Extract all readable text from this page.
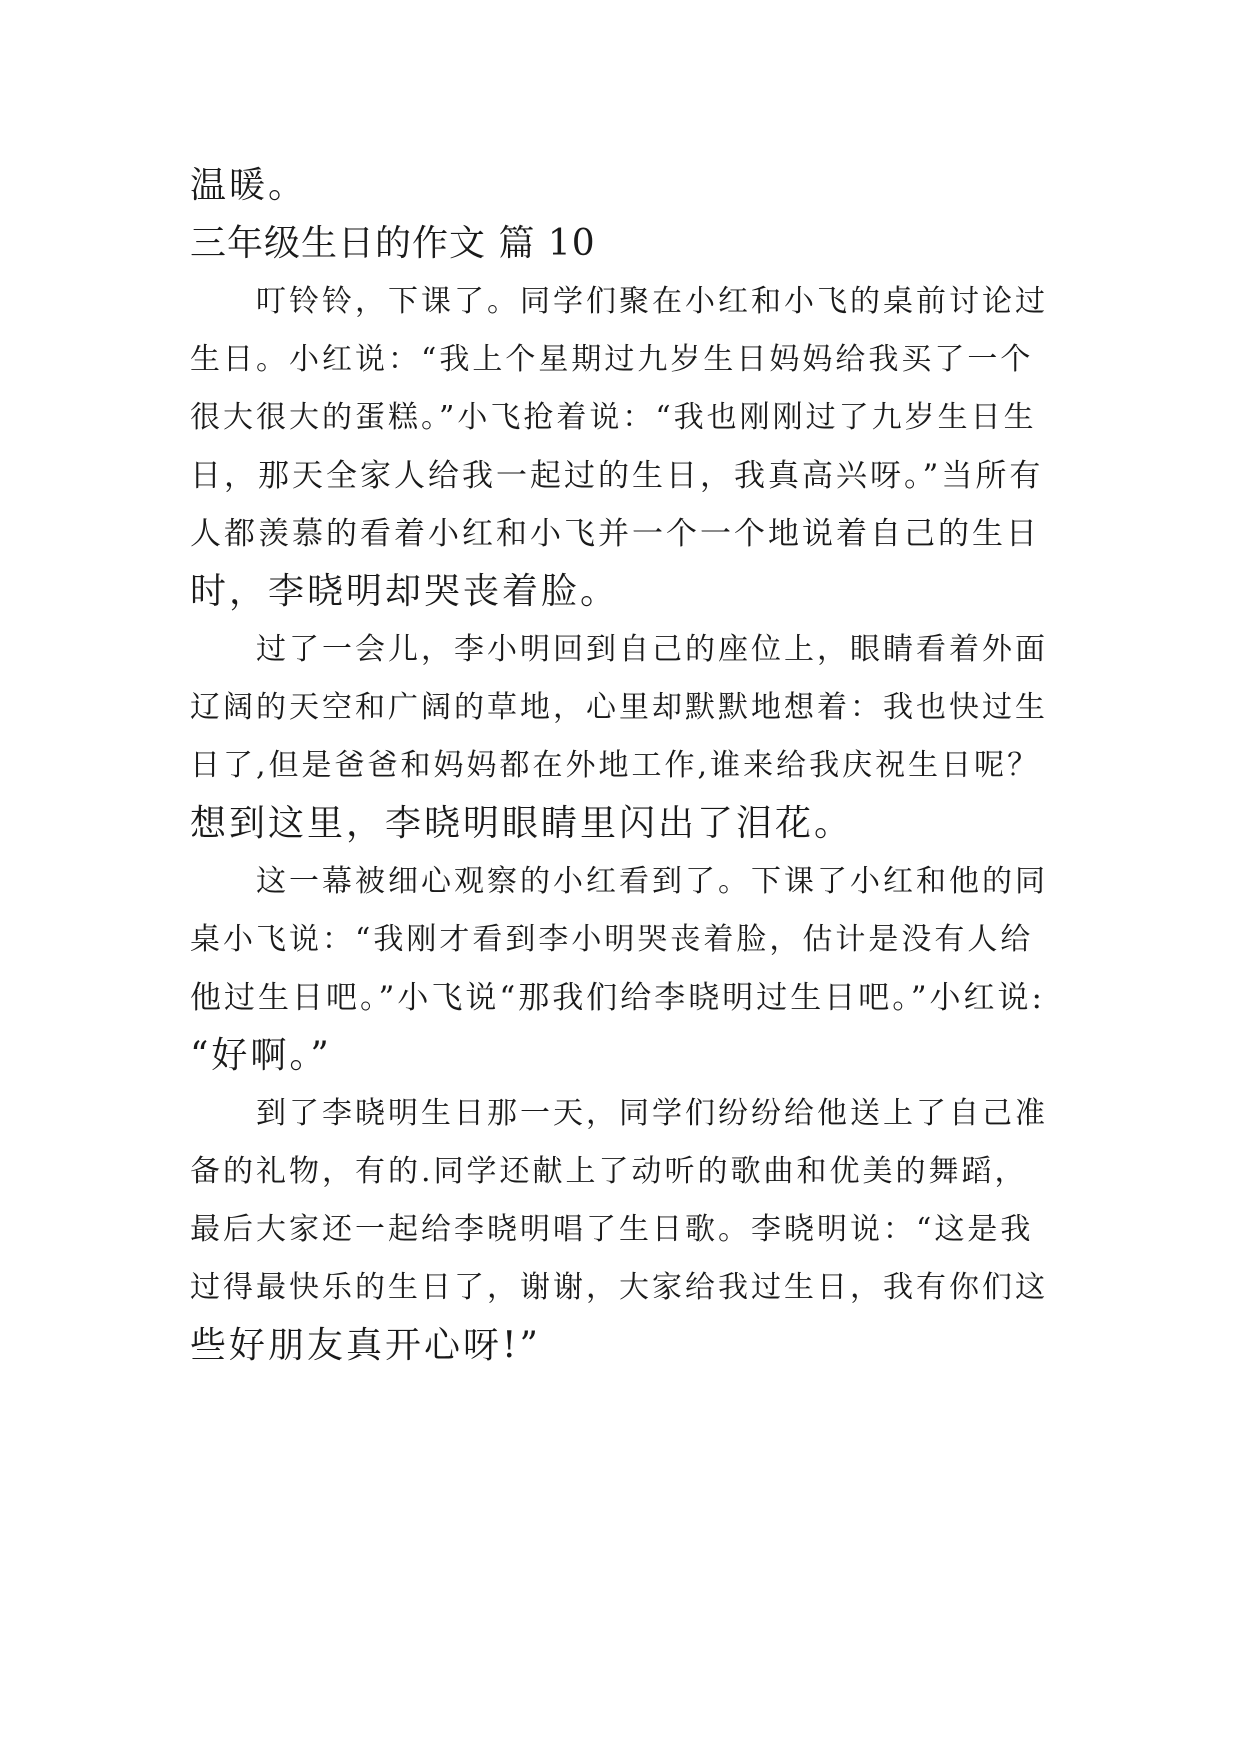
温暖。
三年级生日的作文 篇 10
叮铃铃，下课了。同学们聚在小红和小飞的桌前讨论过
生日。小红说：“我上个星期过九岁生日妈妈给我买了一个
很大很大的蛋糕。”小飞抢着说：“我也刚刚过了九岁生日生
日，那天全家人给我一起过的生日，我真高兴呀。”当所有
人都羡慕的看着小红和小飞并一个一个地说着自己的生日
时，李晓明却哭丧着脸。
过了一会儿，李小明回到自己的座位上，眼睛看着外面
辽阔的天空和广阔的草地，心里却默默地想着：我也快过生
日了,但是爸爸和妈妈都在外地工作,谁来给我庆祝生日呢？
想到这里，李晓明眼睛里闪出了泪花。
这一幕被细心观察的小红看到了。下课了小红和他的同
桌小飞说：“我刚才看到李小明哭丧着脸，估计是没有人给
他过生日吧。”小飞说“那我们给李晓明过生日吧。”小红说:
“好啊。”
到了李晓明生日那一天，同学们纷纷给他送上了自己准
备的礼物，有的.同学还献上了动听的歌曲和优美的舞蹈，
最后大家还一起给李晓明唱了生日歌。李晓明说：“这是我
过得最快乐的生日了，谢谢，大家给我过生日，我有你们这
些好朋友真开心呀!”
